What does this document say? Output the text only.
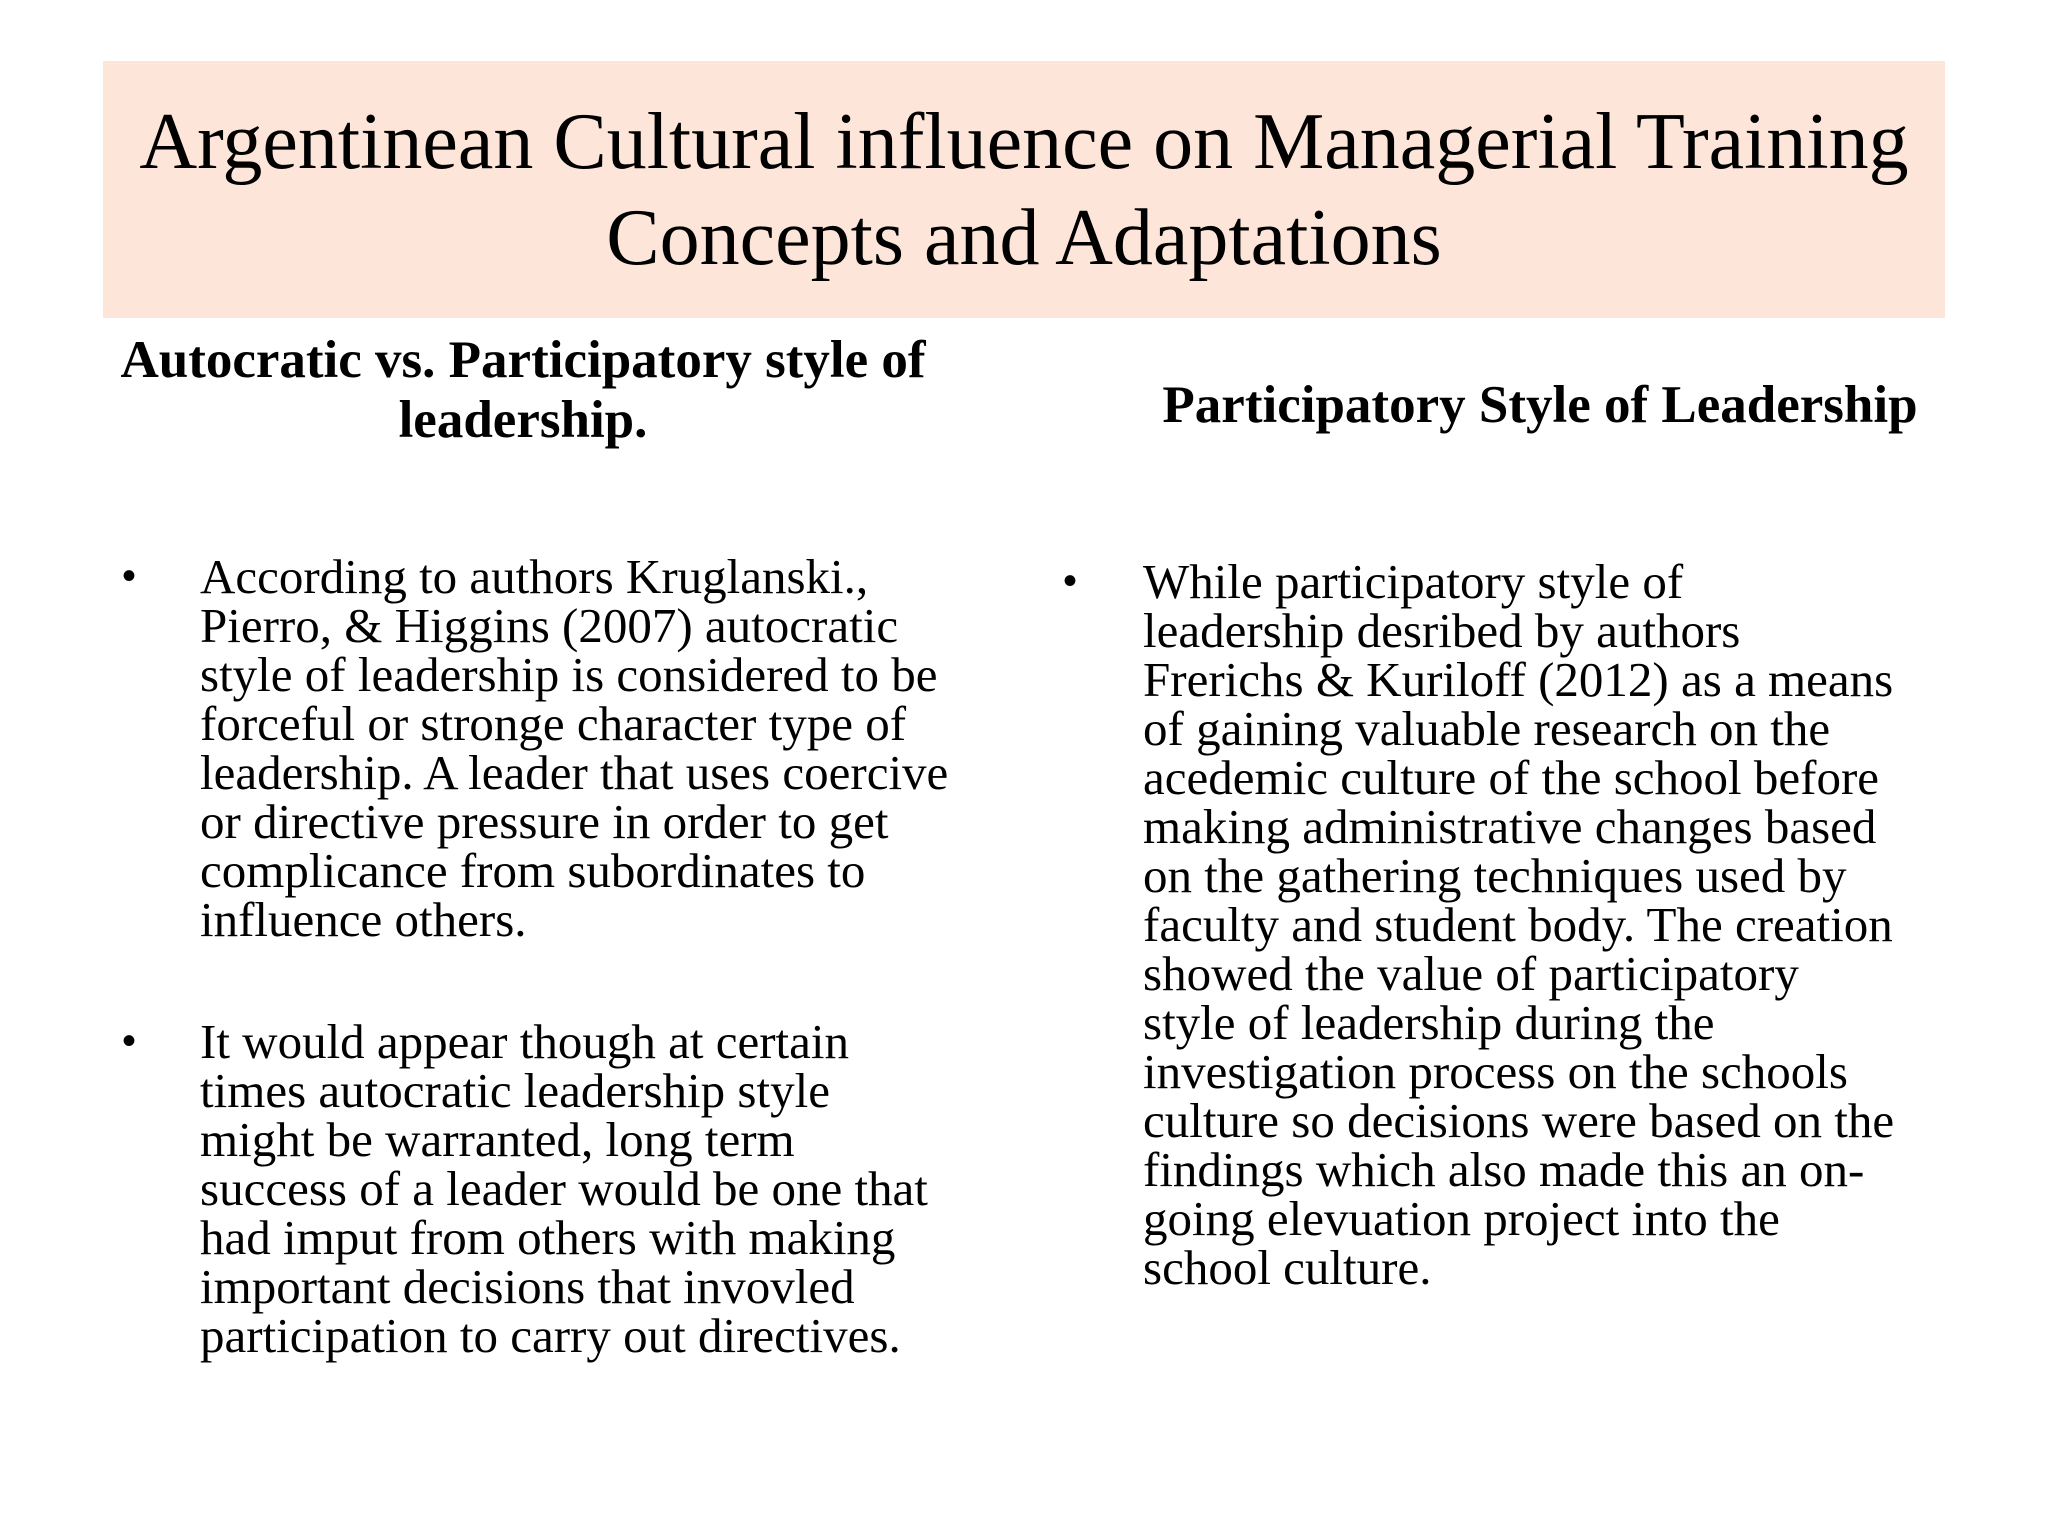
Argentinean Cultural influence on Managerial Training
Concepts and Adaptations
Autocratic vs. Participatory style of
leadership.	Participatory Style of Leadership
• According to authors Kruglanski.,
Pierro, & Higgins (2007) autocratic
style of leadership is considered to be
forceful or stronge character type of
leadership. A leader that uses coercive
or directive pressure in order to get
complicance from subordinates to
influence others.
• It would appear though at certain
times autocratic leadership style
might be warranted, long term
success of a leader would be one that
had imput from others with making
important decisions that invovled
participation to carry out directives.
• While participatory style of
leadership desribed by authors
Frerichs & Kuriloff (2012) as a means
of gaining valuable research on the
acedemic culture of the school before
making administrative changes based
on the gathering techniques used by
faculty and student body. The creation
showed the value of participatory
style of leadership during the
investigation process on the schools
culture so decisions were based on the
findings which also made this an on-
going elevuation project into the
school culture.
